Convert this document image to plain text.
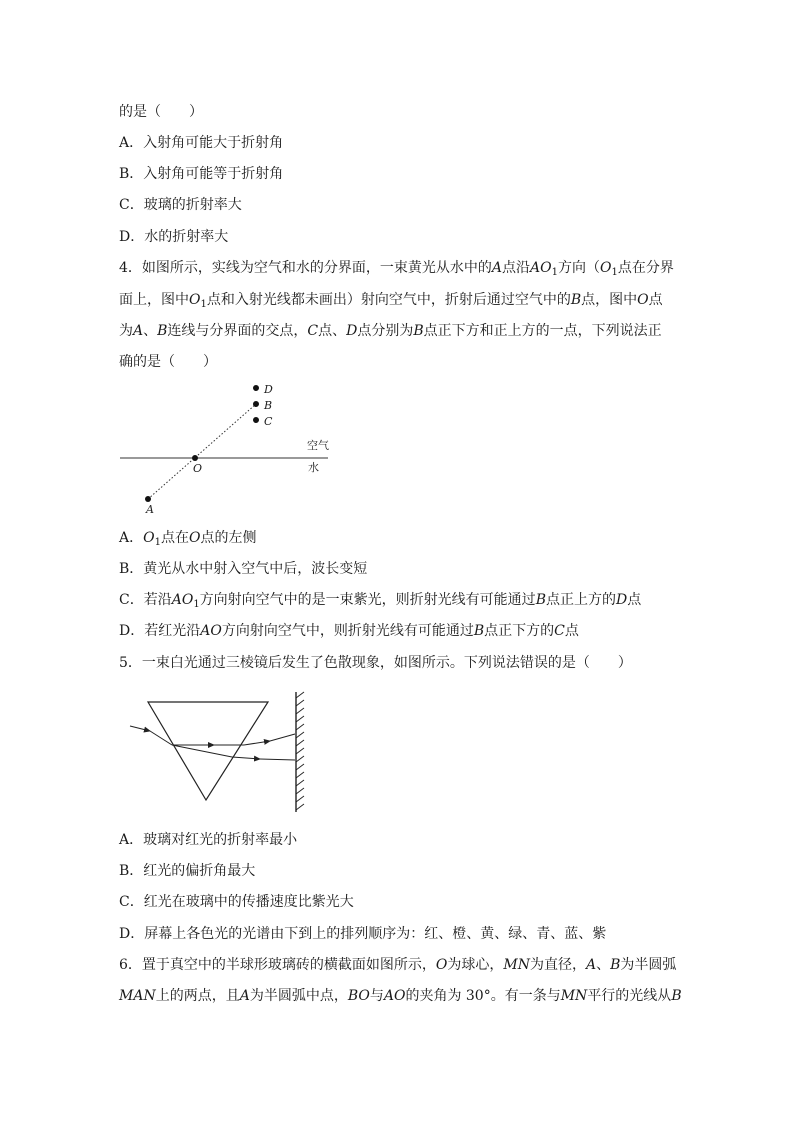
的是（　　）
A．入射角可能大于折射角
B．入射角可能等于折射角
C．玻璃的折射率大
D．水的折射率大
4．如图所示，实线为空气和水的分界面，一束黄光从水中的A点沿$AO_1$方向（$O_1$点在分界
面上，图中$O_1$点和入射光线都未画出）射向空气中，折射后通过空气中的B点，图中O点
为A、B连线与分界面的交点，C点、D点分别为B点正下方和正上方的一点，下列说法正
确的是（　　）
D
B
C
空气
水
O
A
A．$O_1$点在O点的左侧
B．黄光从水中射入空气中后，波长变短
C．若沿$AO_1$方向射向空气中的是一束紫光，则折射光线有可能通过B点正上方的D点
D．若红光沿AO方向射向空气中，则折射光线有可能通过B点正下方的C点
5．一束白光通过三棱镜后发生了色散现象，如图所示。下列说法错误的是（　　）
A．玻璃对红光的折射率最小
B．红光的偏折角最大
C．红光在玻璃中的传播速度比紫光大
D．屏幕上各色光的光谱由下到上的排列顺序为：红、橙、黄、绿、青、蓝、紫
6．置于真空中的半球形玻璃砖的横截面如图所示，O为球心，MN为直径，A、B为半圆弧
MAN上的两点，且A为半圆弧中点，BO与AO的夹角为 30°。有一条与MN平行的光线从B
